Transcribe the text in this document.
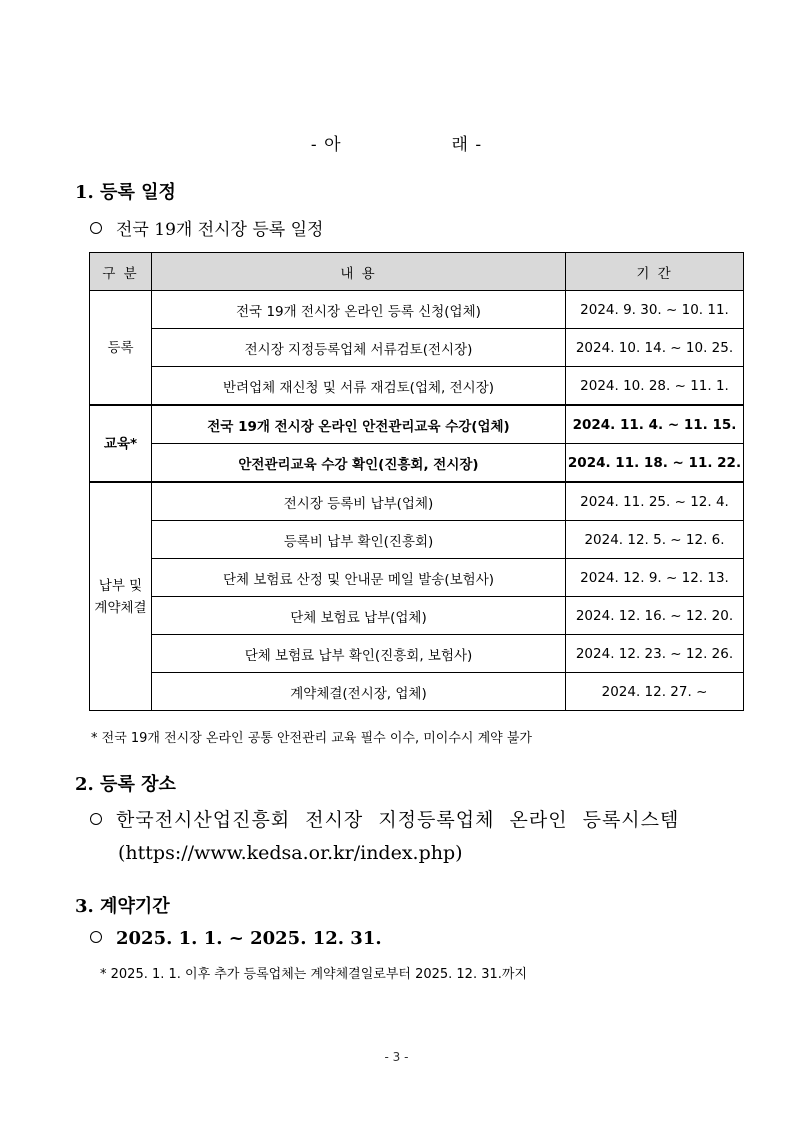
- 아	래 -
1. 등록 일정
전국 19개 전시장 등록 일정
구 분	내 용	기 간
등록	전국 19개 전시장 온라인 등록 신청(업체)	2024. 9. 30. ~ 10. 11.
	전시장 지정등록업체 서류검토(전시장)	2024. 10. 14. ~ 10. 25.
	반려업체 재신청 및 서류 재검토(업체, 전시장)	2024. 10. 28. ~ 11. 1.
교육*	전국 19개 전시장 온라인 안전관리교육 수강(업체)	2024. 11. 4. ~ 11. 15.
	안전관리교육 수강 확인(진흥회, 전시장)	2024. 11. 18. ~ 11. 22.
납부 및
계약체결	전시장 등록비 납부(업체)	2024. 11. 25. ~ 12. 4.
	등록비 납부 확인(진흥회)	2024. 12. 5. ~ 12. 6.
	단체 보험료 산정 및 안내문 메일 발송(보험사)	2024. 12. 9. ~ 12. 13.
	단체 보험료 납부(업체)	2024. 12. 16. ~ 12. 20.
	단체 보험료 납부 확인(진흥회, 보험사)	2024. 12. 23. ~ 12. 26.
	계약체결(전시장, 업체)	2024. 12. 27. ~
* 전국 19개 전시장 온라인 공통 안전관리 교육 필수 이수, 미이수시 계약 불가
2. 등록 장소
한국전시산업진흥회 전시장 지정등록업체 온라인 등록시스템
(https://www.kedsa.or.kr/index.php)
3. 계약기간
2025. 1. 1. ~ 2025. 12. 31.
* 2025. 1. 1. 이후 추가 등록업체는 계약체결일로부터 2025. 12. 31.까지
- 3 -
